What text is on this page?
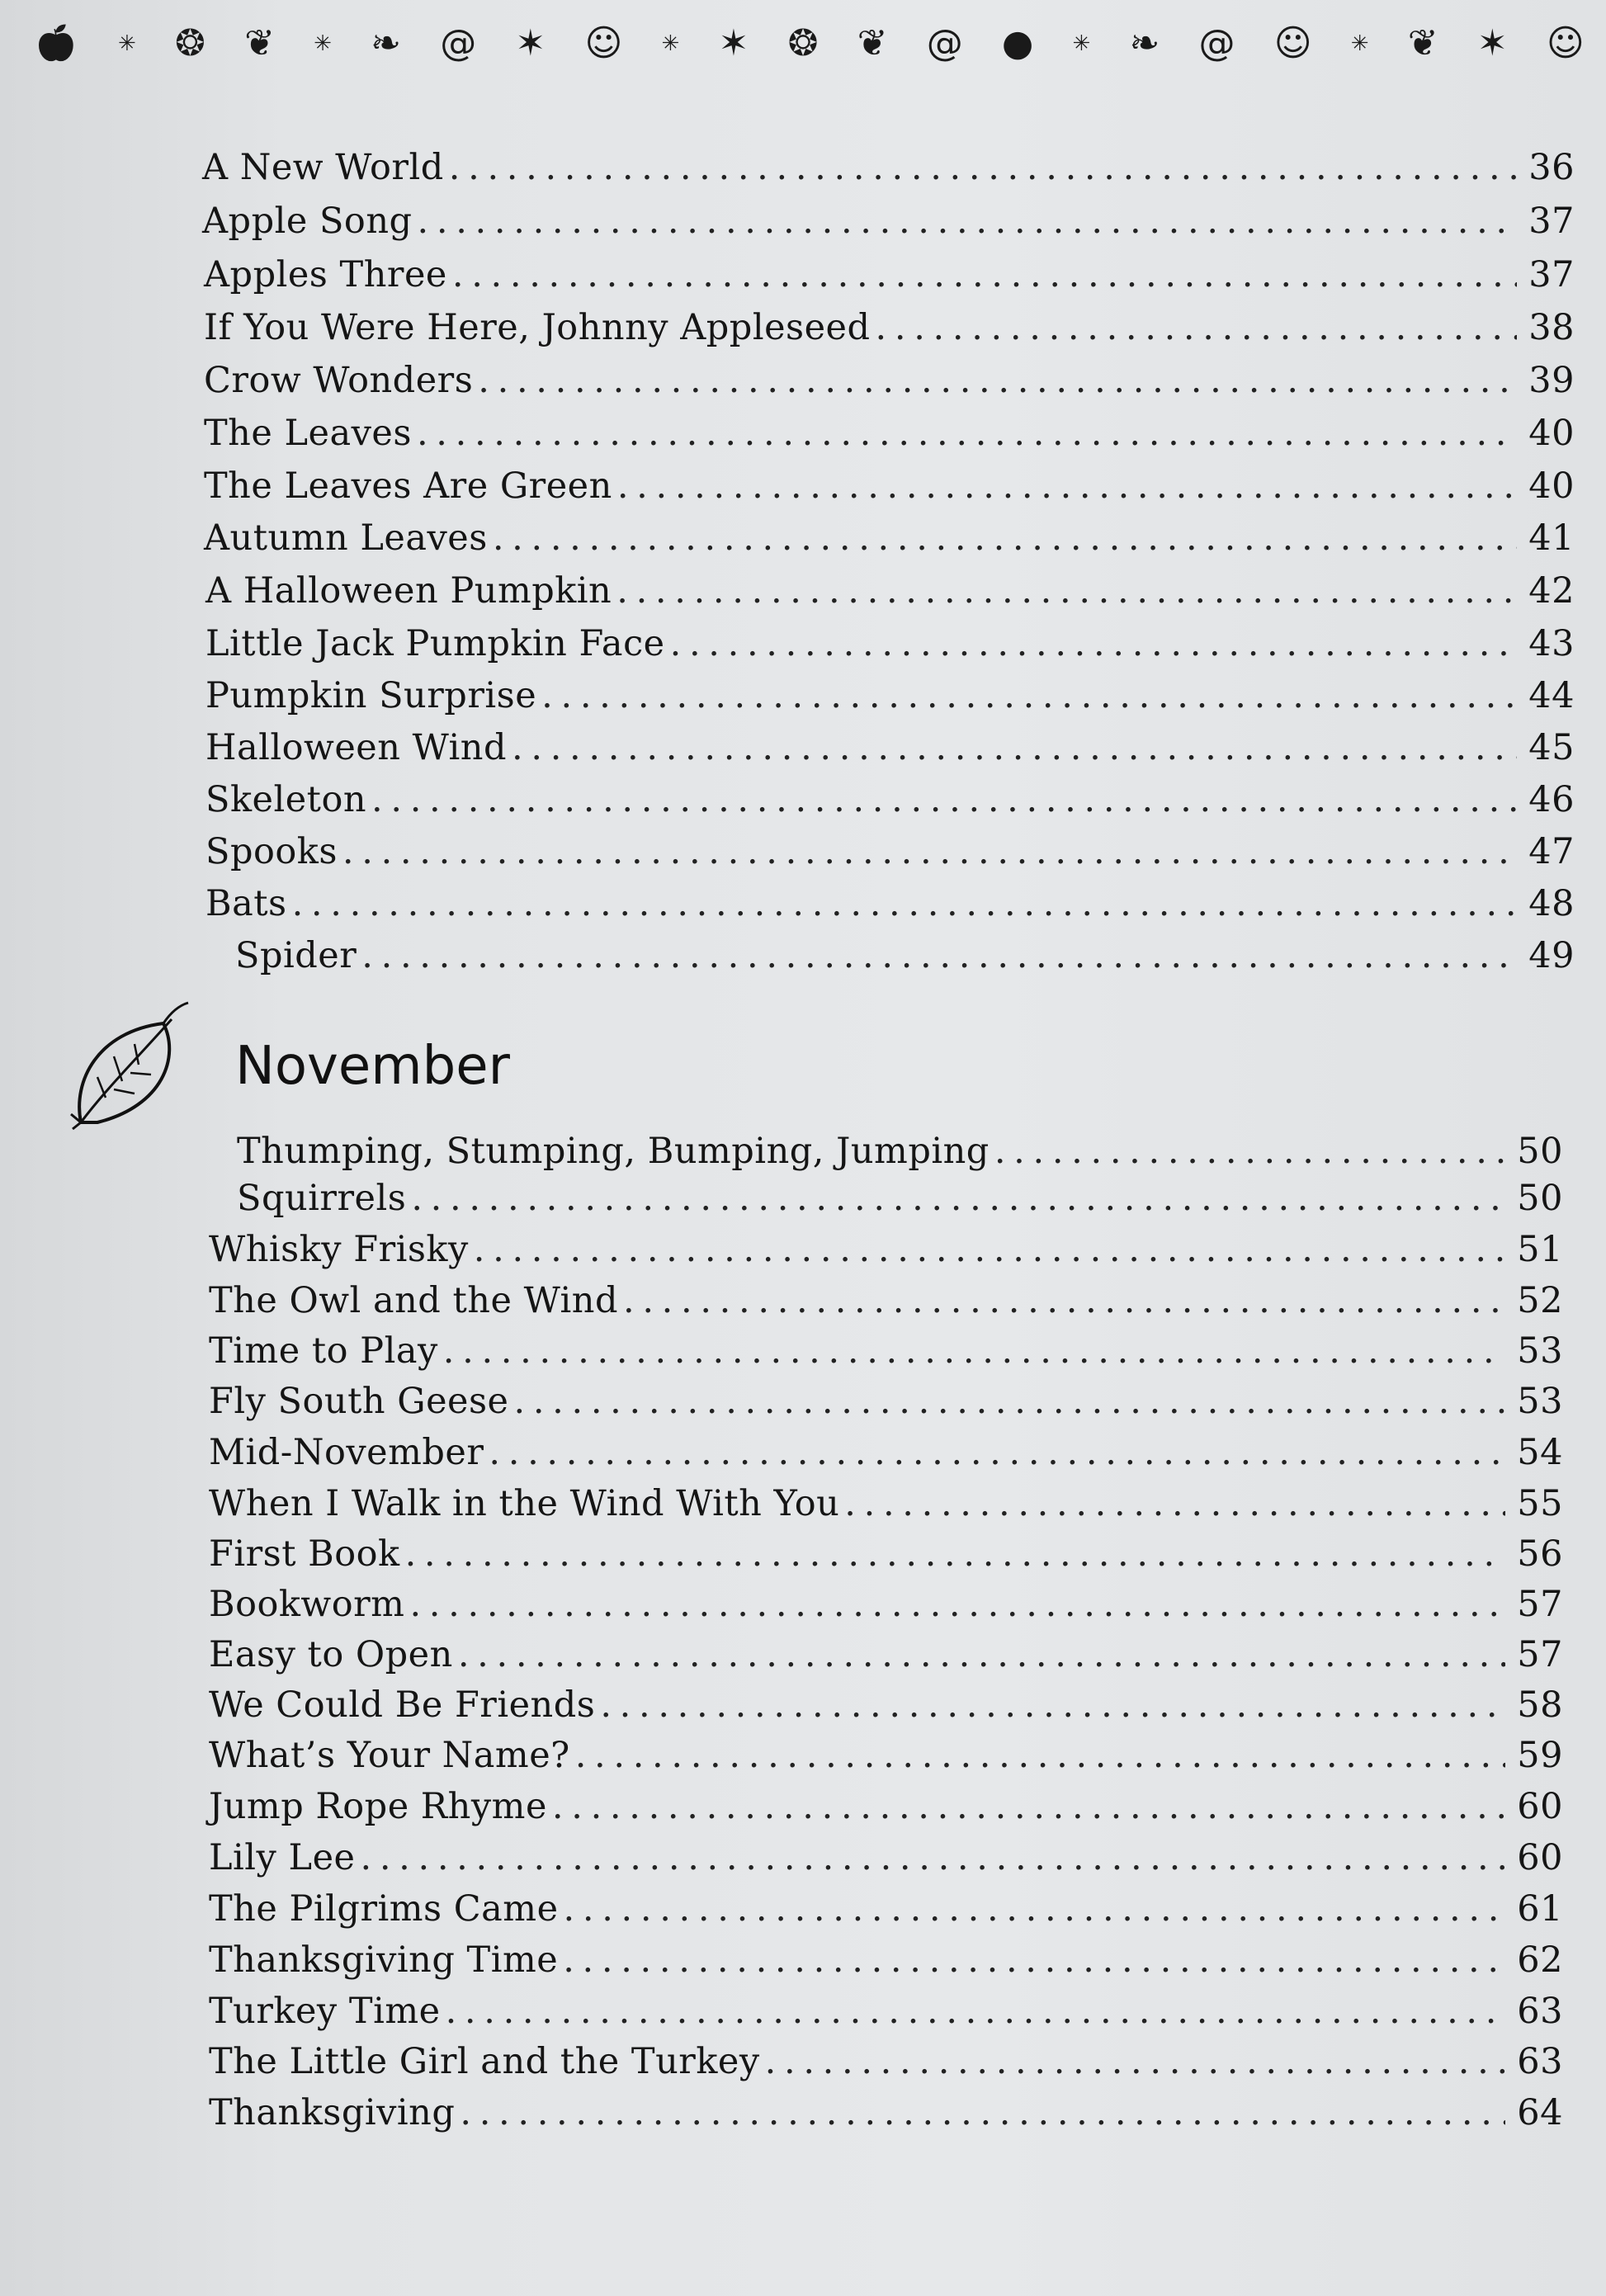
🍎︎ ✳ ❂ ❦ ✳ ❧ @ ✶ ☺ ✳ ✶ ❂ ❦ @ ● ✳ ❧ @ ☺ ✳ ❦ ✶ ☺
A New World . . .	36
Apple Song . . .	37
Apples Three . . .	37
If You Were Here, Johnny Appleseed . . .	38
Crow Wonders . . .	39
The Leaves . . .	40
The Leaves Are Green . . .	40
Autumn Leaves . . .	41
A Halloween Pumpkin . . .	42
Little Jack Pumpkin Face . . .	43
Pumpkin Surprise . . .	44
Halloween Wind . . .	45
Skeleton . . .	46
Spooks . . .	47
Bats . . .	48
Spider . . .	49
Thumping, Stumping, Bumping, Jumping . . .	50
Squirrels . . .	50
Whisky Frisky . . .	51
The Owl and the Wind . . .	52
Time to Play . . .	53
Fly South Geese . . .	53
Mid-November . . .	54
When I Walk in the Wind With You . . .	55
First Book . . .	56
Bookworm . . .	57
Easy to Open . . .	57
We Could Be Friends . . .	58
What’s Your Name? . . .	59
Jump Rope Rhyme . . .	60
Lily Lee . . .	60
The Pilgrims Came . . .	61
Thanksgiving Time . . .	62
Turkey Time . . .	63
The Little Girl and the Turkey . . .	63
Thanksgiving . . .	64
November
